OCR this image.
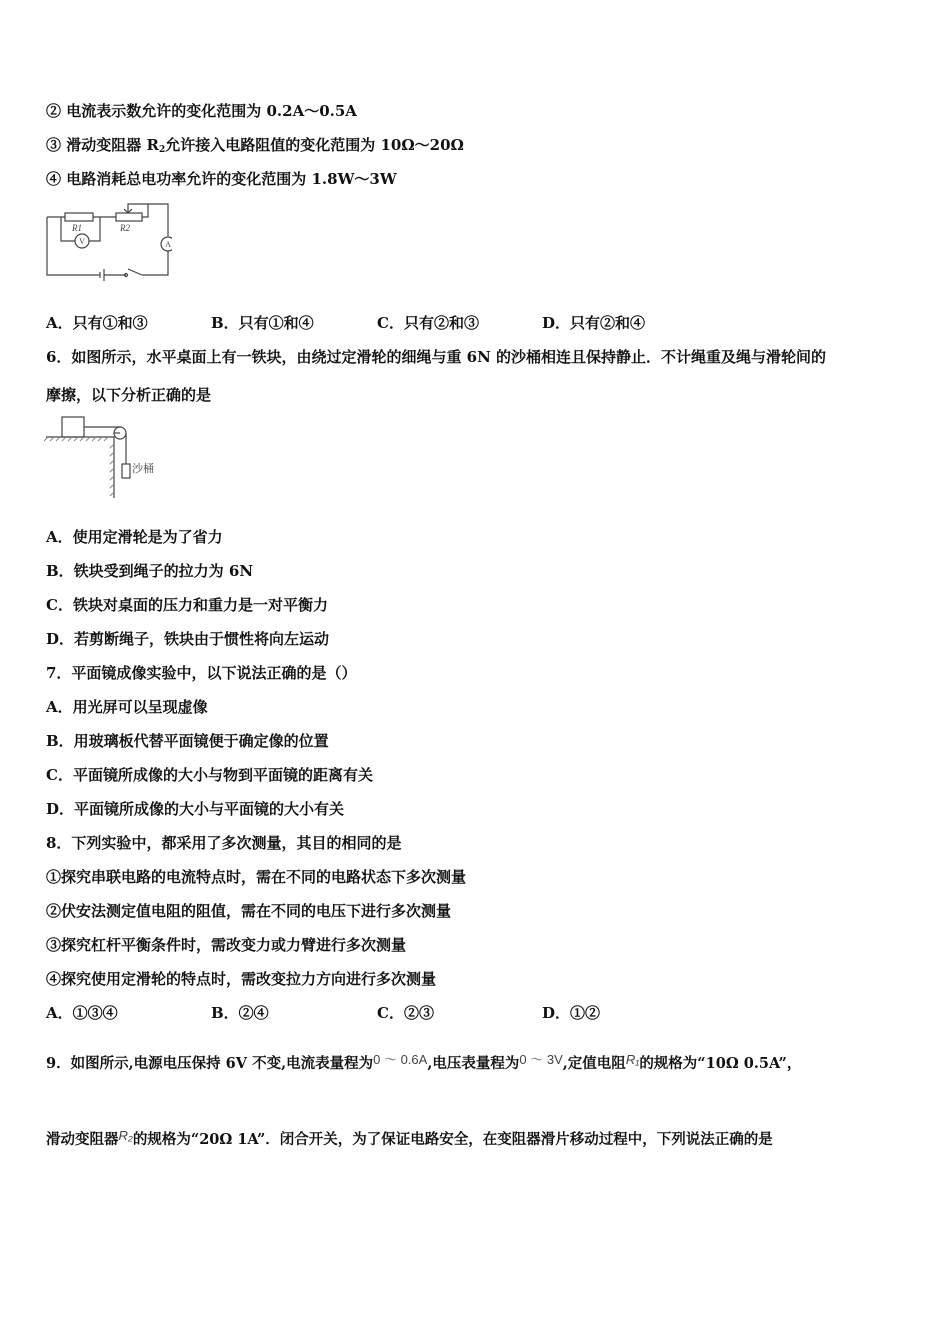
② 电流表示数允许的变化范围为 0.2A～0.5A
③ 滑动变阻器 $R_2$允许接入电路阻值的变化范围为 10Ω～20Ω
④ 电路消耗总电功率允许的变化范围为 1.8W～3W
R1	R2
V	A
A．只有①和③	B．只有①和④	C．只有②和③	D．只有②和④
6．如图所示，水平桌面上有一铁块，由绕过定滑轮的细绳与重 6N 的沙桶相连且保持静止．不计绳重及绳与滑轮间的
摩擦，以下分析正确的是
沙桶
A．使用定滑轮是为了省力
B．铁块受到绳子的拉力为 6N
C．铁块对桌面的压力和重力是一对平衡力
D．若剪断绳子，铁块由于惯性将向左运动
7．平面镜成像实验中，以下说法正确的是（）
A．用光屏可以呈现虚像
B．用玻璃板代替平面镜便于确定像的位置
C．平面镜所成像的大小与物到平面镜的距离有关
D．平面镜所成像的大小与平面镜的大小有关
8．下列实验中，都采用了多次测量，其目的相同的是
①探究串联电路的电流特点时，需在不同的电路状态下多次测量
②伏安法测定值电阻的阻值，需在不同的电压下进行多次测量
③探究杠杆平衡条件时，需改变力或力臂进行多次测量
④探究使用定滑轮的特点时，需改变拉力方向进行多次测量
A．①③④	B．②④	C．②③	D．①②
9．如图所示,电源电压保持 6V 不变,电流表量程为0 ～ 0.6A,电压表量程为0 ～ 3V,定值电阻R₁的规格为“10Ω 0.5A”，
滑动变阻器R₂的规格为“20Ω 1A”．闭合开关，为了保证电路安全，在变阻器滑片移动过程中，下列说法正确的是
